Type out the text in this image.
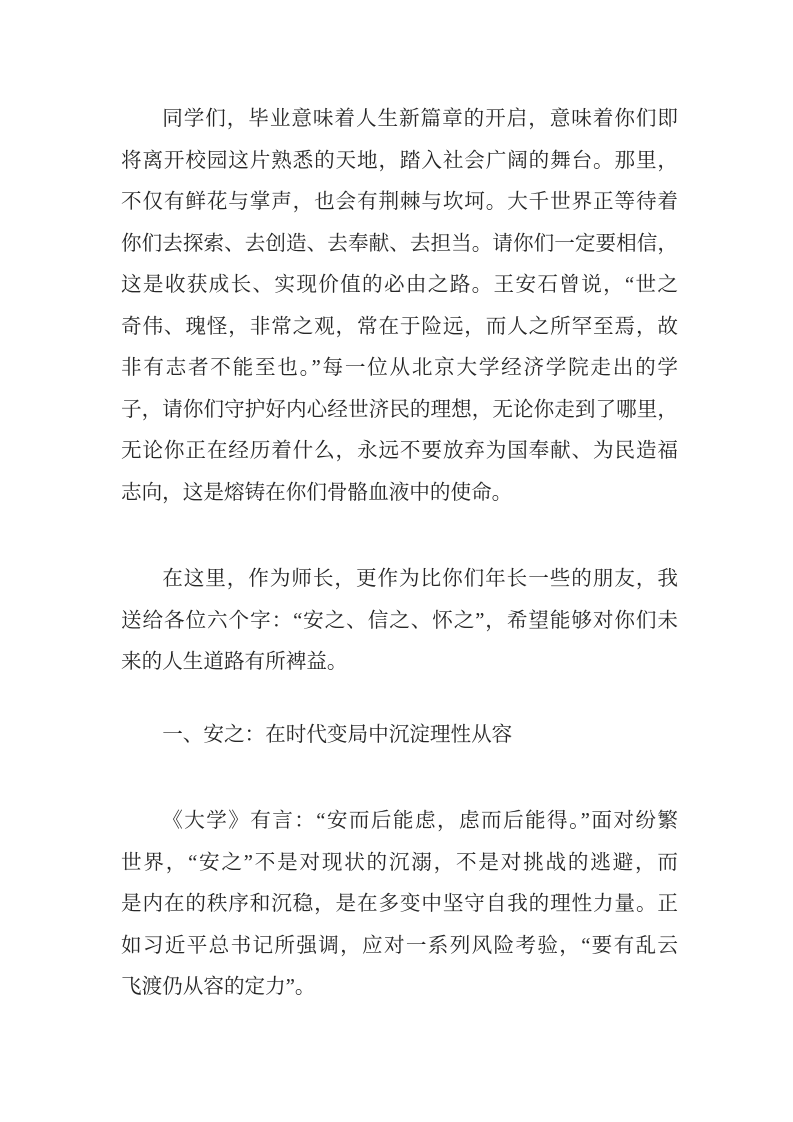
同学们，毕业意味着人生新篇章的开启，意味着你们即
将离开校园这片熟悉的天地，踏入社会广阔的舞台。那里，
不仅有鲜花与掌声，也会有荆棘与坎坷。大千世界正等待着
你们去探索、去创造、去奉献、去担当。请你们一定要相信，
这是收获成长、实现价值的必由之路。王安石曾说，“世之
奇伟、瑰怪，非常之观，常在于险远，而人之所罕至焉，故
非有志者不能至也。”每一位从北京大学经济学院走出的学
子，请你们守护好内心经世济民的理想，无论你走到了哪里，
无论你正在经历着什么，永远不要放弃为国奉献、为民造福
志向，这是熔铸在你们骨骼血液中的使命。
在这里，作为师长，更作为比你们年长一些的朋友，我
送给各位六个字：“安之、信之、怀之”，希望能够对你们未
来的人生道路有所裨益。
一、安之：在时代变局中沉淀理性从容
《大学》有言：“安而后能虑，虑而后能得。”面对纷繁
世界，“安之”不是对现状的沉溺，不是对挑战的逃避，而
是内在的秩序和沉稳，是在多变中坚守自我的理性力量。正
如习近平总书记所强调，应对一系列风险考验，“要有乱云
飞渡仍从容的定力”。
